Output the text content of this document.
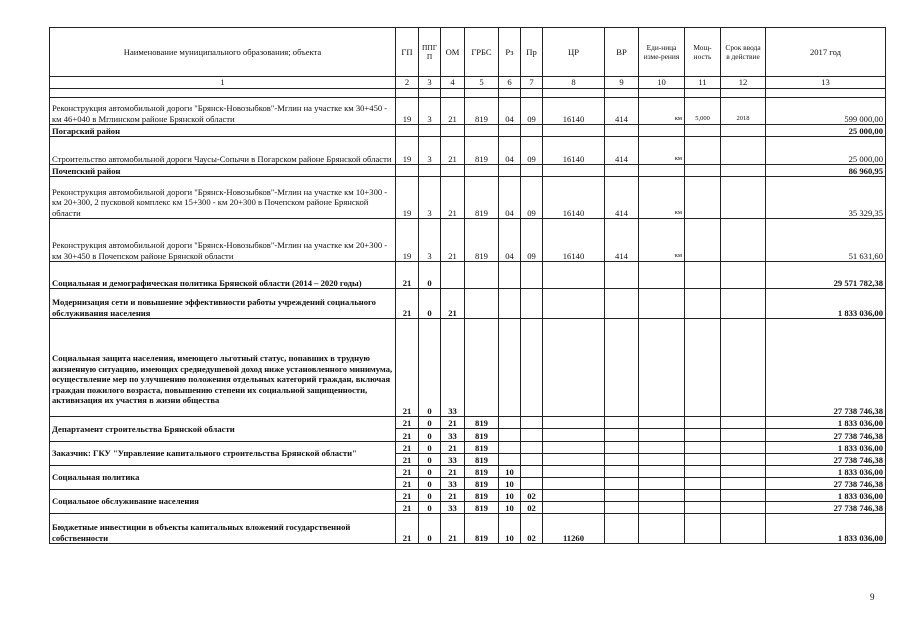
Наименование муниципального образования; объекта	ГП	ППГ П	ОМ	ГРБС	Рз	Пр	ЦР	ВР	Еди-ница изме-рения	Мощ-ность	Срок ввода в действие	2017 год
1	2	3	4	5	6	7	8	9	10	11	12	13

Реконструкция автомобильной дороги "Брянск-Новозыбков"-Мглин на участке км 30+450 - км 46+040 в Мглинском районе Брянской области	19	3	21	819	04	09	16140	414	км	5,000	2018	599 000,00
Погарский район												25 000,00
Строительство автомобильной дороги Чаусы-Сопычи в Погарском районе Брянской области	19	3	21	819	04	09	16140	414	км			25 000,00
Почепский район												86 960,95
Реконструкция автомобильной дороги "Брянск-Новозыбков"-Мглин на участке км 10+300 - км 20+300, 2 пусковой комплекс км 15+300 - км 20+300 в Почепском районе Брянской области	19	3	21	819	04	09	16140	414	км			35 329,35
Реконструкция автомобильной дороги "Брянск-Новозыбков"-Мглин на участке км 20+300 - км 30+450 в Почепском районе Брянской области	19	3	21	819	04	09	16140	414	км			51 631,60
Социальная и демографическая политика Брянской области (2014 – 2020 годы)	21	0										29 571 782,38
Модернизация сети и повышение эффективности работы учреждений социального обслуживания населения	21	0	21									1 833 036,00
Социальная защита населения, имеющего льготный статус, попавших в трудную жизненную ситуацию, имеющих среднедушевой доход ниже установленного минимума, осуществление мер по улучшению положения отдельных категорий граждан, включая граждан пожилого возраста, повышению степени их социальной защищенности, активизация их участия в жизни общества	21	0	33									27 738 746,38
Департамент строительства Брянской области	21	0	21	819								1 833 036,00
	21	0	33	819								27 738 746,38
Заказчик: ГКУ "Управление капитального строительства Брянской области"	21	0	21	819								1 833 036,00
	21	0	33	819								27 738 746,38
Социальная политика	21	0	21	819	10							1 833 036,00
	21	0	33	819	10							27 738 746,38
Социальное обслуживание населения	21	0	21	819	10	02						1 833 036,00
	21	0	33	819	10	02						27 738 746,38
Бюджетные инвестиции в объекты капитальных вложений государственной собственности	21	0	21	819	10	02	11260					1 833 036,00
9
